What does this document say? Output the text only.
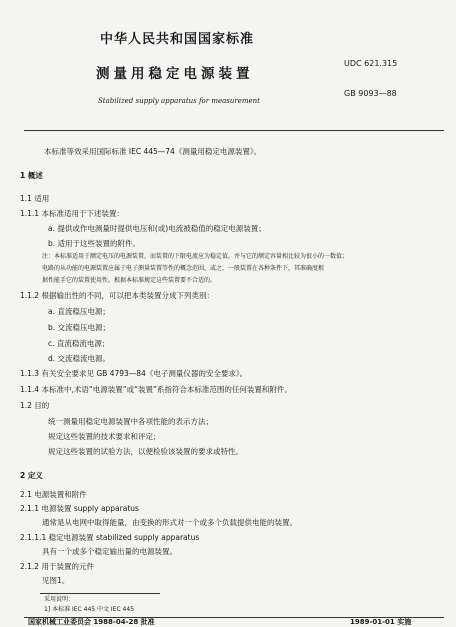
中华人民共和国国家标准
UDC 621.315
测量用稳定电源装置
GB 9093—88
Stabilized supply apparatus for measurement
本标准等效采用国际标准 IEC 445—74《测量用稳定电源装置》。
1 概述
1.1 适用
1.1.1 本标准适用于下述装置：
a. 提供或作电测量时提供电压和(或)电流被稳值的稳定电源装置；
b. 适用于这些装置的附件。
注：本标准适用于额定电压的电源装置，而装置的下限电流应为稳定值，并与它的额定容量相比较为很小的一数值；
电路的从功能的电源装置应属于电子测量装置等性的概念范围，或之，一般装置在各种条件下，其准确度根
据性能手它的装置使用性。根据本标准规定这些装置要不合适的。
1.1.2 根据输出性的不同，可以把本类装置分成下列类别：
a. 直流稳压电源；
b. 交流稳压电源；
c. 直流稳流电源；
d. 交流稳流电源。
1.1.3 有关安全要求见 GB 4793—84《电子测量仪器的安全要求》。
1.1.4 本标准中,术语“电源装置”或“装置”系指符合本标准范围的任何装置和附件。
1.2 目的
统一测量用稳定电源装置中各项性能的表示方法；
规定这些装置的技术要求和评定；
规定这些装置的试验方法，以便检验该装置的要求或特性。
2 定义
2.1 电源装置和附件
2.1.1 电源装置 supply apparatus
通常是从电网中取得能量，由变换的形式对一个或多个负载提供电能的装置。
2.1.1.1 稳定电源装置 stabilized supply apparatus
具有一个或多个稳定输出量的电源装置。
2.1.2 用于装置的元件
见图1。
采用说明：
1] 本标准 IEC 445 中文 IEC 445
国家机械工业委员会 1988-04-28 批准	1989-01-01 实施
